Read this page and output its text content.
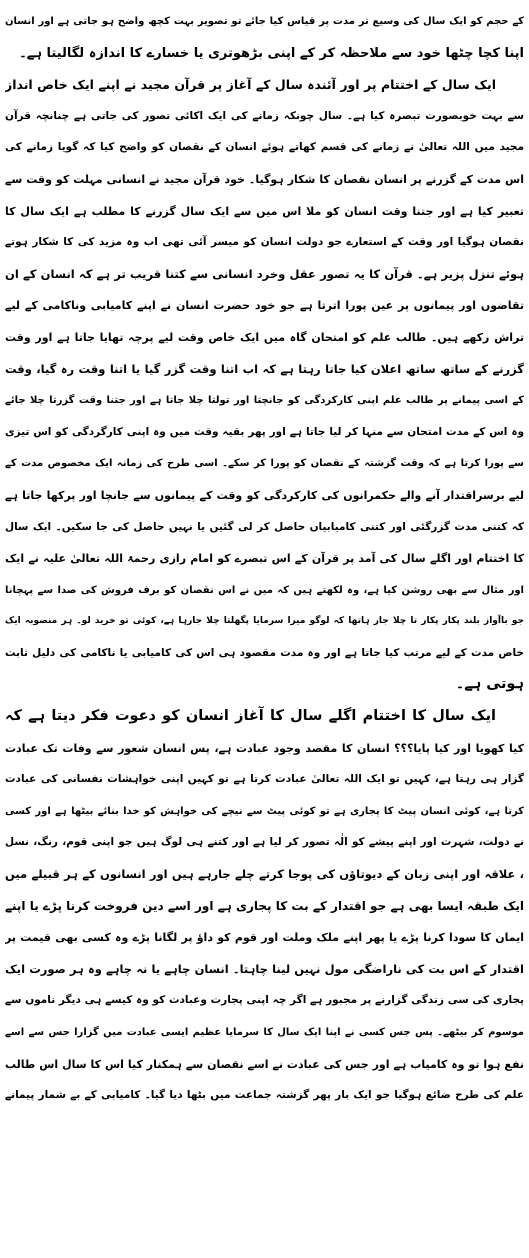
کے حجم کو ایک سال کی وسیع تر مدت پر قیاس کیا جائے تو تصویر بہت کچھ واضح ہو جاتی ہے اور انسان
اپنا کچا چٹھا خود سے ملاحظہ کر کے اپنی بڑھوتری یا خسارے کا اندازہ لگالیتا ہے۔
ایک سال کے اختتام پر اور آئندہ سال کے آغاز پر قرآن مجید نے اپنے ایک خاص انداز
سے بہت خوبصورت تبصرہ کیا ہے۔ سال چونکہ زمانے کی ایک اکائی تصور کی جاتی ہے چنانچہ قرآن
مجید میں اللہ تعالیٰ نے زمانے کی قسم کھاتے ہوئے انسان کے نقصان کو واضح کیا کہ گویا زمانے کی
اس مدت کے گزرنے پر انسان نقصان کا شکار ہوگیا۔ خود قرآن مجید نے انسانی مہلت کو وقت سے
تعبیر کیا ہے اور جتنا وقت انسان کو ملا اس میں سے ایک سال گزرنے کا مطلب ہے ایک سال کا
نقصان ہوگیا اور وقت کے استعارے جو دولت انسان کو میسر آئی تھی اب وہ مزید کی کا شکار ہوتے
ہوئے تنزل پزیر ہے۔ قرآن کا یہ تصور عقل وخرد انسانی سے کتنا قریب تر ہے کہ انسان کے ان
تقاضوں اور پیمانوں پر عین پورا اترتا ہے جو خود حضرت انسان نے اپنے کامیابی وناکامی کے لیے
تراش رکھے ہیں۔ طالب علم کو امتحان گاہ میں ایک خاص وقت لیے پرچہ تھایا جاتا ہے اور وقت
گزرنے کے ساتھ ساتھ اعلان کیا جاتا رہتا ہے کہ اب اتنا وقت گزر گیا یا اتنا وقت رہ گیا، وقت
کے اسی پیمانے پر طالب علم اپنی کارکردگی کو جانچتا اور تولتا چلا جاتا ہے اور جتنا وقت گزرتا چلا جائے
وہ اس کے مدت امتحان سے منہا کر لیا جاتا ہے اور پھر بقیہ وقت میں وہ اپنی کارگردگی کو اس تیزی
سے پورا کرتا ہے کہ وقت گزشتہ کے نقصان کو پورا کر سکے۔ اسی طرح کی زمانہ ایک مخصوص مدت کے
لیے برسراقتدار آنے والے حکمرانوں کی کارکردگی کو وقت کے پیمانوں سے جانچا اور پرکھا جاتا ہے
کہ کتنی مدت گزرگئی اور کتنی کامیابیاں حاصل کر لی گئیں یا نہیں حاصل کی جا سکیں۔ ایک سال
کا اختتام اور اگلے سال کی آمد پر قرآن کے اس تبصرے کو امام رازی رحمۃ اللہ تعالیٰ علیہ نے ایک
اور مثال سے بھی روشن کیا ہے، وہ لکھتے ہیں کہ میں نے اس نقصان کو برف فروش کی صدا سے پہچانا
جو باآواز بلند پکار پکار تا چلا جار ہاتھا کہ لوگو میرا سرمایا پگھلتا چلا جارہا ہے، کوئی تو خرید لو۔ ہر منصوبہ ایک
خاص مدت کے لیے مرتب کیا جاتا ہے اور وہ مدت مقصود ہی اس کی کامیابی یا ناکامی کی دلیل ثابت
ہوتی ہے۔
ایک سال کا اختتام اگلے سال کا آغاز انسان کو دعوت فکر دیتا ہے کہ
کیا کھویا اور کیا پایا؟؟؟ انسان کا مقصد وجود عبادت ہے، پس انسان شعور سے وفات تک عبادت
گزار ہی رہتا ہے، کہیں تو ایک اللہ تعالیٰ عبادت کرتا ہے تو کہیں اپنی خواہشات نفسانی کی عبادت
کرتا ہے، کوئی انسان پیٹ کا پجاری ہے تو کوئی پیٹ سے نیچے کی خواہش کو خدا بنائے بیٹھا ہے اور کسی
نے دولت، شہرت اور اپنے پیشے کو الٰہ تصور کر لیا ہے اور کتنے ہی لوگ ہیں جو اپنی قوم، رنگ، نسل
، علاقہ اور اپنی زبان کے دیوتاؤں کی پوجا کرتے چلے جارہے ہیں اور انسانوں کے ہر قبیلے میں
ایک طبقہ ایسا بھی ہے جو اقتدار کے بت کا پجاری ہے اور اسے دین فروخت کرنا پڑے یا اپنے
ایمان کا سودا کرنا پڑے یا پھر اپنے ملک وملت اور قوم کو داؤ پر لگانا پڑے وہ کسی بھی قیمت پر
اقتدار کے اس بت کی ناراضگی مول نہیں لینا چاہتا۔ انسان چاہے یا نہ چاہے وہ ہر صورت ایک
پجاری کی سی زندگی گزارنے پر مجبور ہے اگر چہ اپنی پجارت وعبادت کو وہ کیسے ہی دیگر ناموں سے
موسوم کر بیٹھے۔ پس جس کسی نے اپنا ایک سال کا سرمایا عظیم ایسی عبادت میں گزارا جس سے اسے
نفع ہوا تو وہ کامیاب ہے اور جس کی عبادت نے اسے نقصان سے ہمکنار کیا اس کا سال اس طالب
علم کی طرح ضائع ہوگیا جو ایک بار پھر گزشتہ جماعت میں بٹھا دیا گیا۔ کامیابی کے بے شمار پیمانے
